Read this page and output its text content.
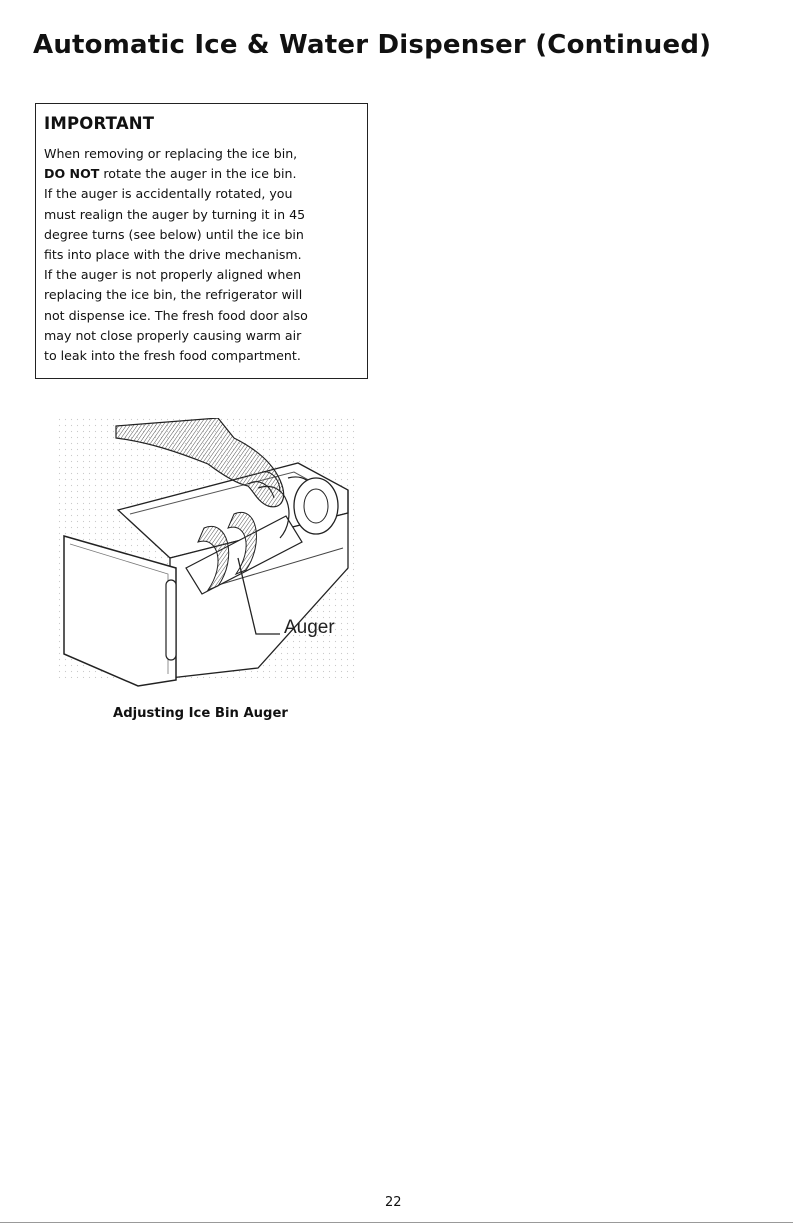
Automatic Ice & Water Dispenser (Continued)
IMPORTANT
When removing or replacing the ice bin,
DO NOT rotate the auger in the ice bin.
If the auger is accidentally rotated, you
must realign the auger by turning it in 45
degree turns (see below) until the ice bin
fits into place with the drive mechanism.
If the auger is not properly aligned when
replacing the ice bin, the refrigerator will
not dispense ice. The fresh food door also
may not close properly causing warm air
to leak into the fresh food compartment.
Auger

Adjusting Ice Bin Auger

22
